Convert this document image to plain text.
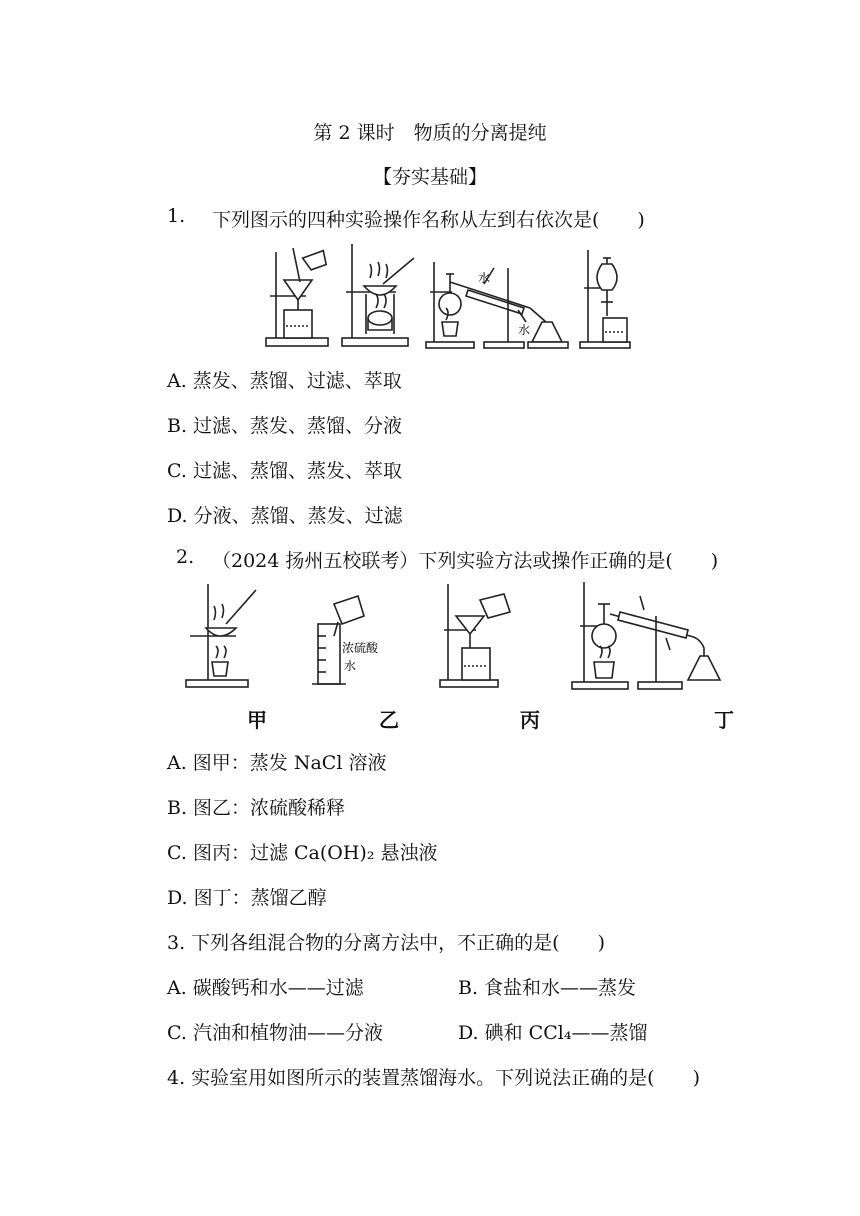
第 2 课时　物质的分离提纯
【夯实基础】
1. 下列图示的四种实验操作名称从左到右依次是(　　)
水
水
A. 蒸发、蒸馏、过滤、萃取
B. 过滤、蒸发、蒸馏、分液
C. 过滤、蒸馏、蒸发、萃取
D. 分液、蒸馏、蒸发、过滤
2. （2024 扬州五校联考）下列实验方法或操作正确的是(　　)
浓硫酸
水
甲	乙	丙	丁
A. 图甲：蒸发 NaCl 溶液
B. 图乙：浓硫酸稀释
C. 图丙：过滤 Ca(OH)₂ 悬浊液
D. 图丁：蒸馏乙醇
3. 下列各组混合物的分离方法中，不正确的是(　　)
A. 碳酸钙和水——过滤	B. 食盐和水——蒸发
C. 汽油和植物油——分液	D. 碘和 CCl₄——蒸馏
4. 实验室用如图所示的装置蒸馏海水。下列说法正确的是(　　)
